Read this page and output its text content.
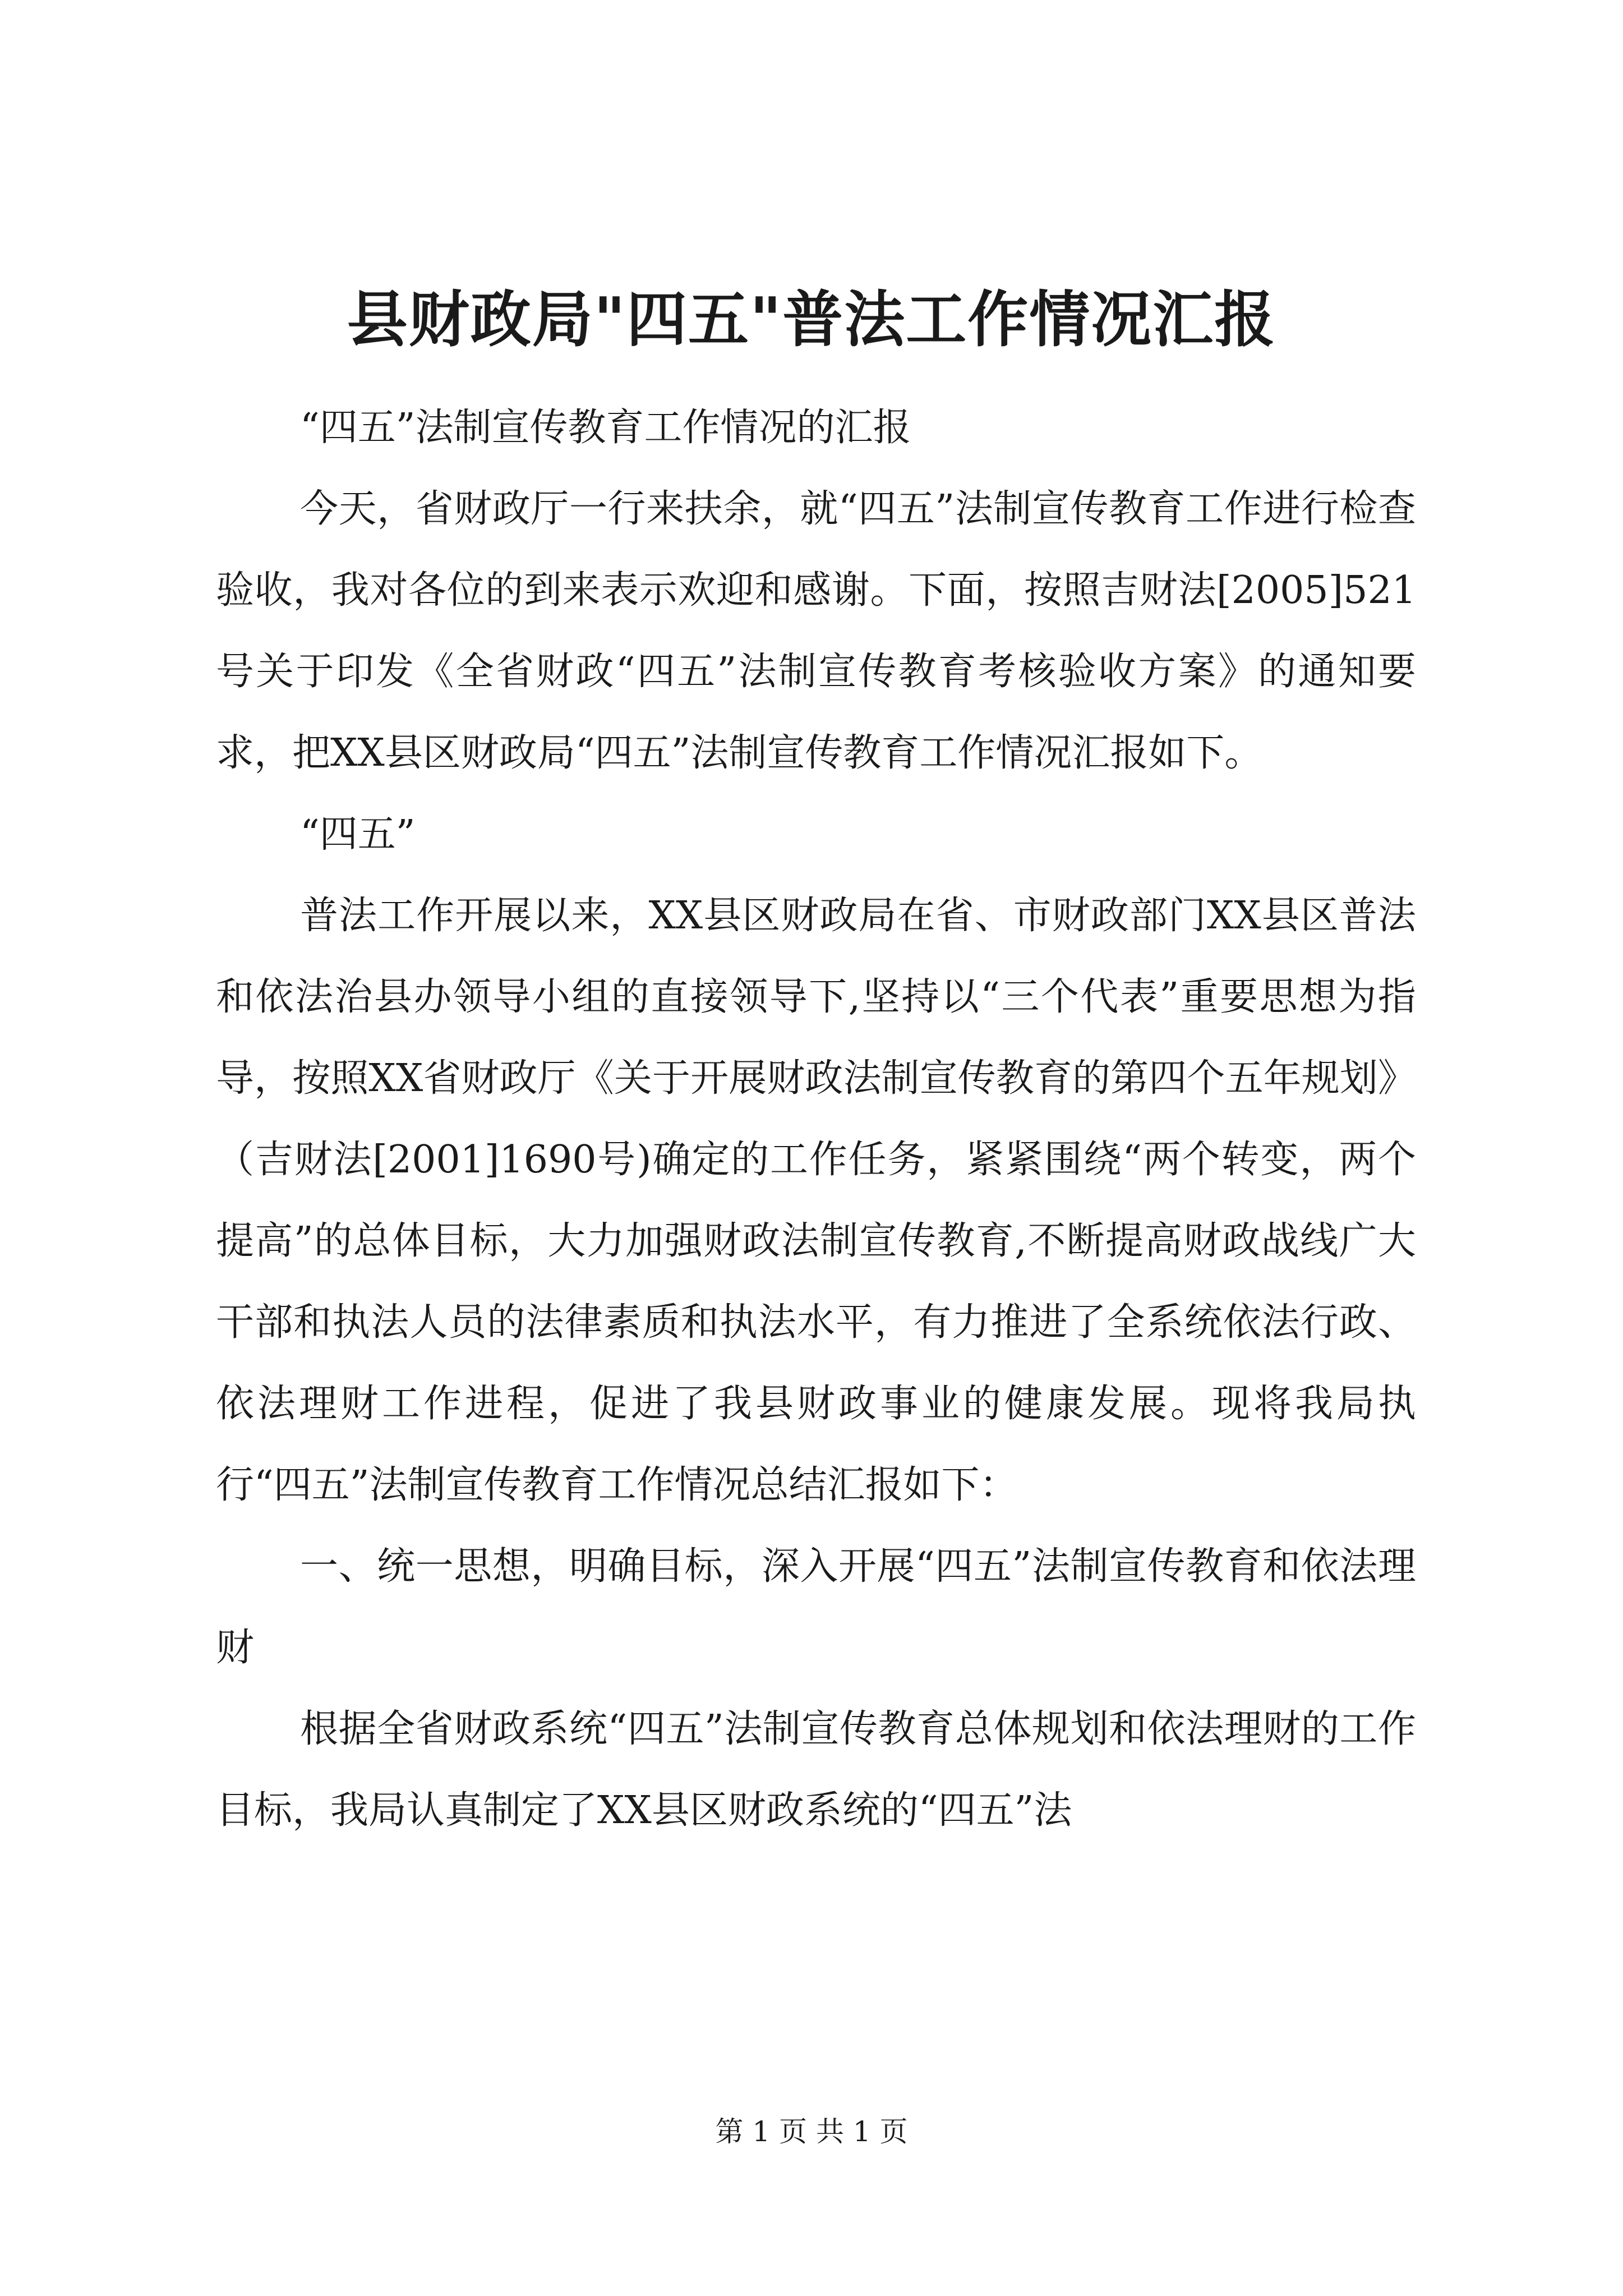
县财政局"四五"普法工作情况汇报

“四五”法制宣传教育工作情况的汇报

今天，省财政厅一行来扶余，就“四五”法制宣传教育工作进行检查验收，我对各位的到来表示欢迎和感谢。下面，按照吉财法[2005]521号关于印发《全省财政“四五”法制宣传教育考核验收方案》的通知要求，把XX县区财政局“四五”法制宣传教育工作情况汇报如下。

“四五”

普法工作开展以来，XX县区财政局在省、市财政部门XX县区普法和依法治县办领导小组的直接领导下,坚持以“三个代表”重要思想为指导，按照XX省财政厅《关于开展财政法制宣传教育的第四个五年规划》（吉财法[2001]1690号)确定的工作任务，紧紧围绕“两个转变，两个提高”的总体目标，大力加强财政法制宣传教育,不断提高财政战线广大干部和执法人员的法律素质和执法水平，有力推进了全系统依法行政、依法理财工作进程，促进了我县财政事业的健康发展。现将我局执行“四五”法制宣传教育工作情况总结汇报如下：

一、统一思想，明确目标，深入开展“四五”法制宣传教育和依法理财

根据全省财政系统“四五”法制宣传教育总体规划和依法理财的工作目标，我局认真制定了XX县区财政系统的“四五”法

第 1 页 共 1 页
